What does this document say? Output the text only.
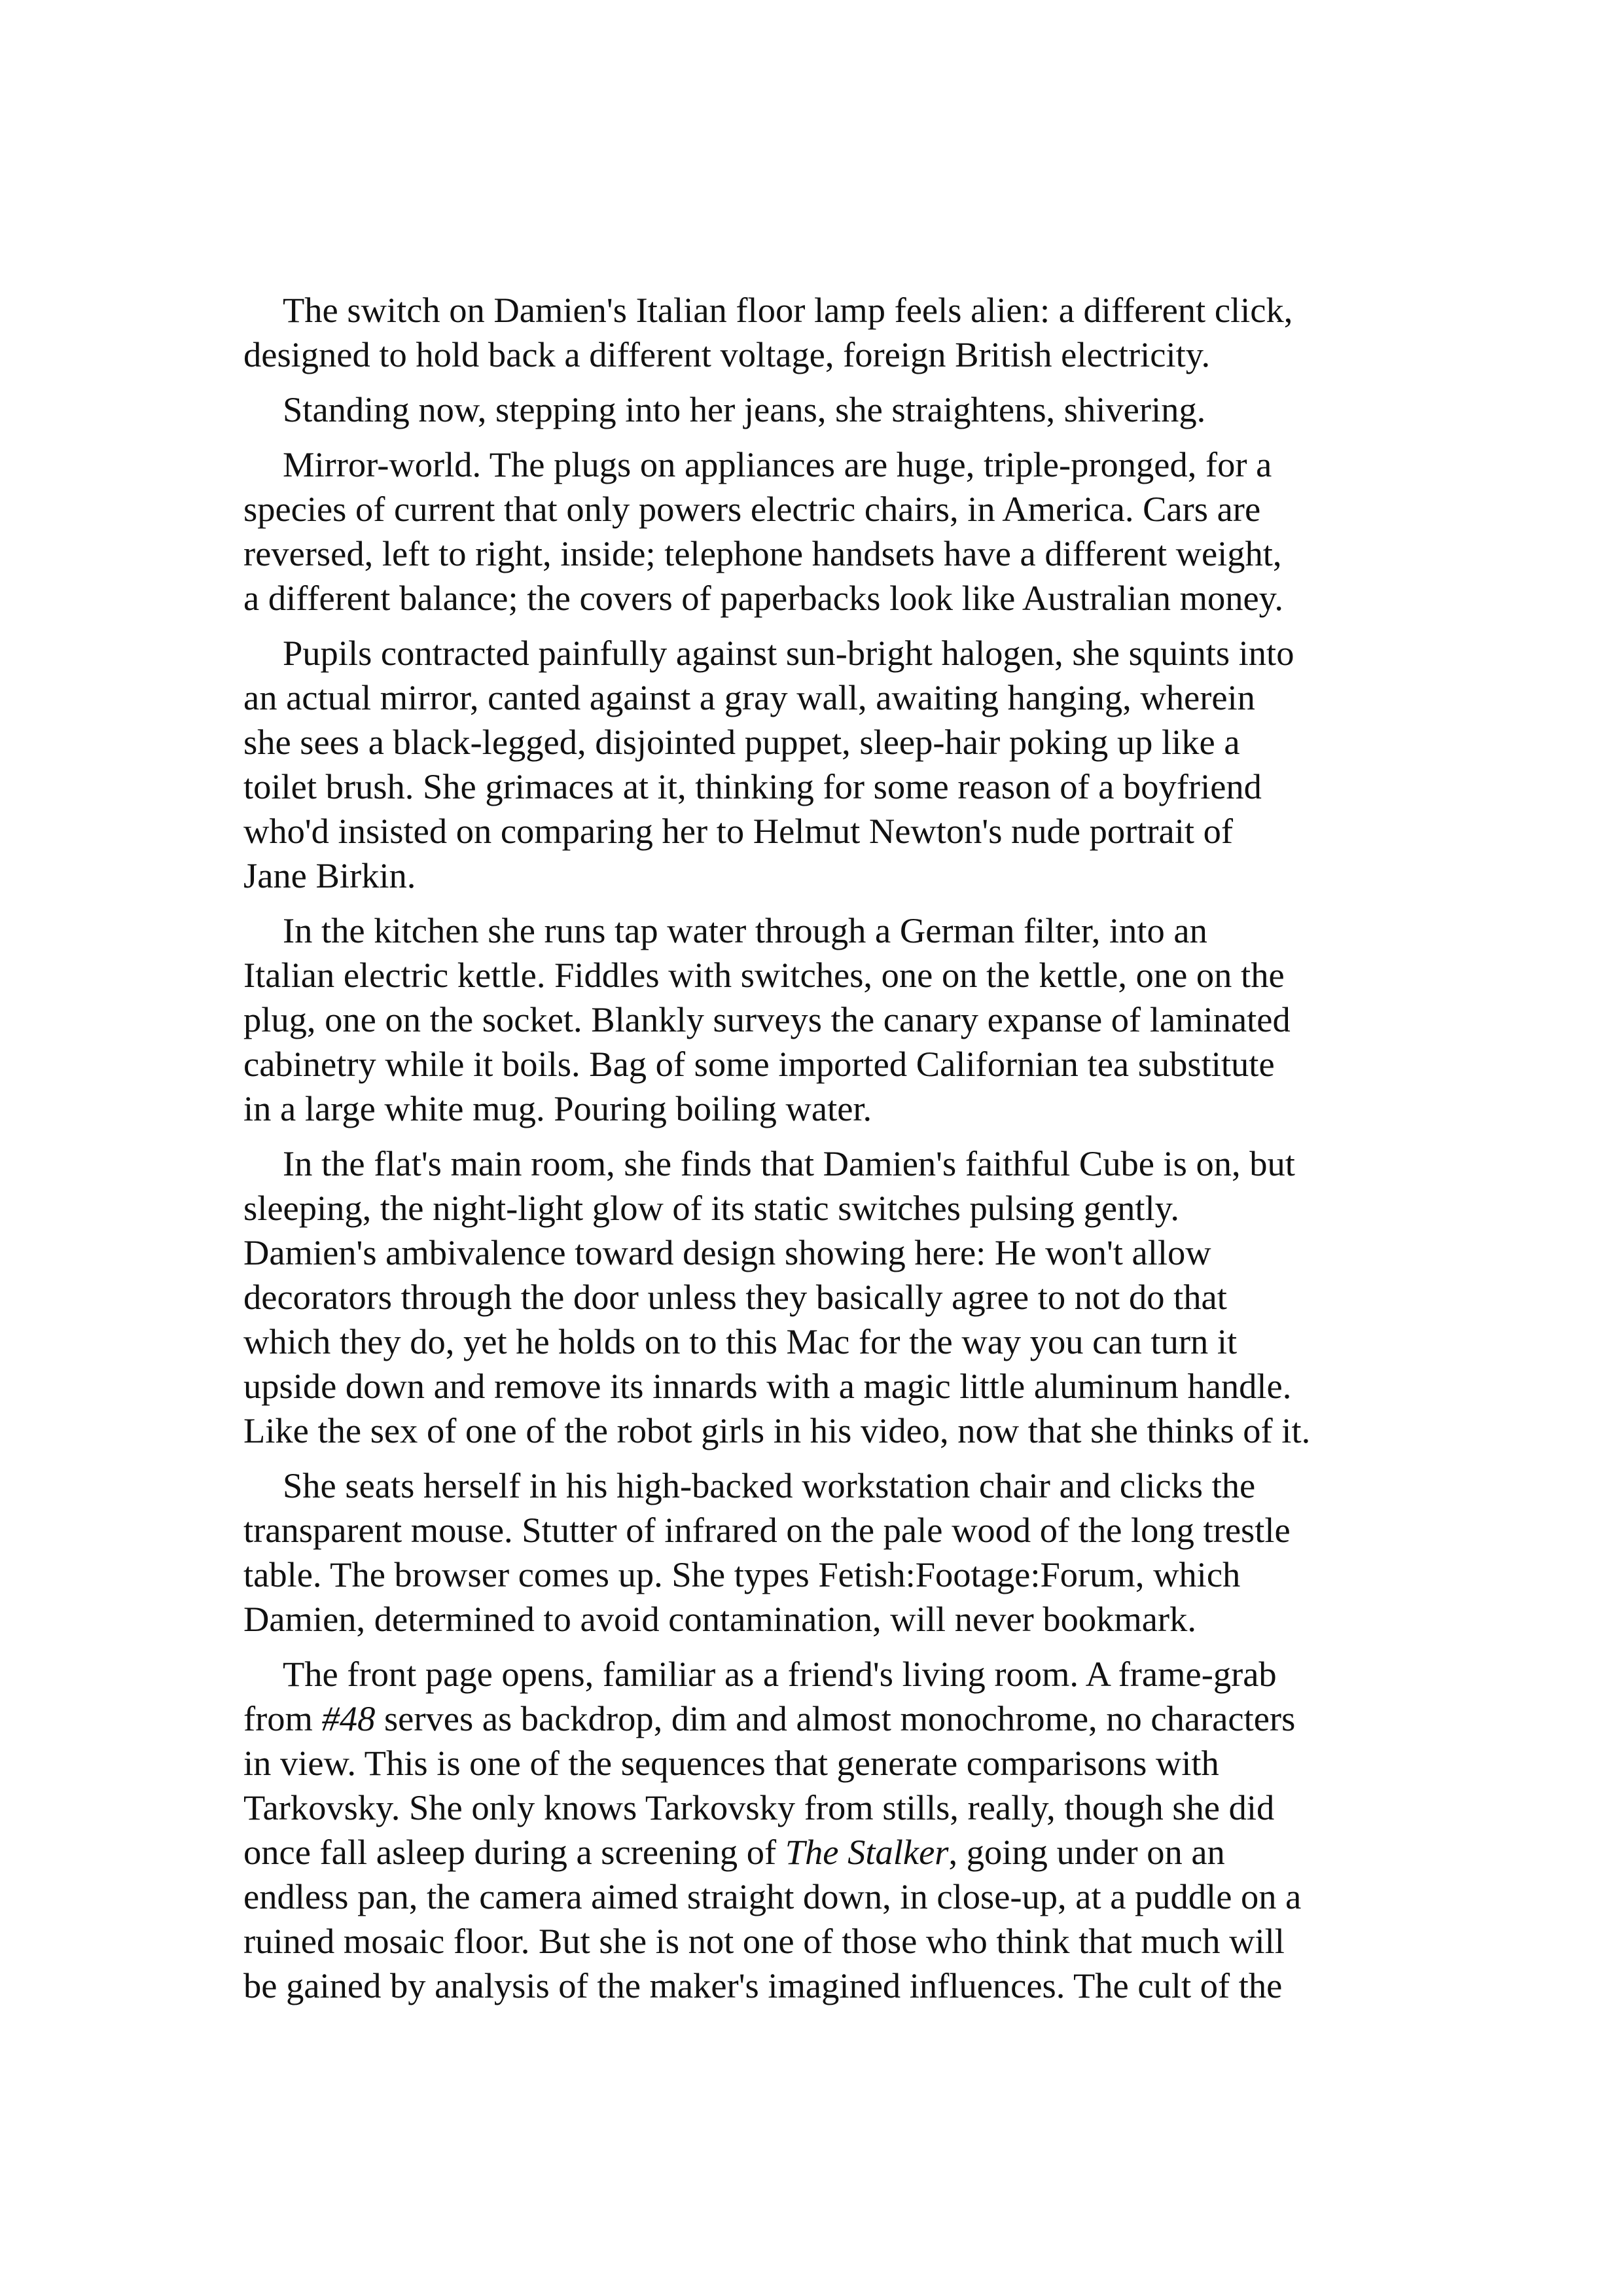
The switch on Damien's Italian floor lamp feels alien: a different click,
designed to hold back a different voltage, foreign British electricity.

Standing now, stepping into her jeans, she straightens, shivering.

Mirror-world. The plugs on appliances are huge, triple-pronged, for a
species of current that only powers electric chairs, in America. Cars are
reversed, left to right, inside; telephone handsets have a different weight,
a different balance; the covers of paperbacks look like Australian money.

Pupils contracted painfully against sun-bright halogen, she squints into
an actual mirror, canted against a gray wall, awaiting hanging, wherein
she sees a black-legged, disjointed puppet, sleep-hair poking up like a
toilet brush. She grimaces at it, thinking for some reason of a boyfriend
who'd insisted on comparing her to Helmut Newton's nude portrait of
Jane Birkin.

In the kitchen she runs tap water through a German filter, into an
Italian electric kettle. Fiddles with switches, one on the kettle, one on the
plug, one on the socket. Blankly surveys the canary expanse of laminated
cabinetry while it boils. Bag of some imported Californian tea substitute
in a large white mug. Pouring boiling water.

In the flat's main room, she finds that Damien's faithful Cube is on, but
sleeping, the night-light glow of its static switches pulsing gently.
Damien's ambivalence toward design showing here: He won't allow
decorators through the door unless they basically agree to not do that
which they do, yet he holds on to this Mac for the way you can turn it
upside down and remove its innards with a magic little aluminum handle.
Like the sex of one of the robot girls in his video, now that she thinks of it.

She seats herself in his high-backed workstation chair and clicks the
transparent mouse. Stutter of infrared on the pale wood of the long trestle
table. The browser comes up. She types Fetish:Footage:Forum, which
Damien, determined to avoid contamination, will never bookmark.

The front page opens, familiar as a friend's living room. A frame-grab
from #48 serves as backdrop, dim and almost monochrome, no characters
in view. This is one of the sequences that generate comparisons with
Tarkovsky. She only knows Tarkovsky from stills, really, though she did
once fall asleep during a screening of The Stalker, going under on an
endless pan, the camera aimed straight down, in close-up, at a puddle on a
ruined mosaic floor. But she is not one of those who think that much will
be gained by analysis of the maker's imagined influences. The cult of the
